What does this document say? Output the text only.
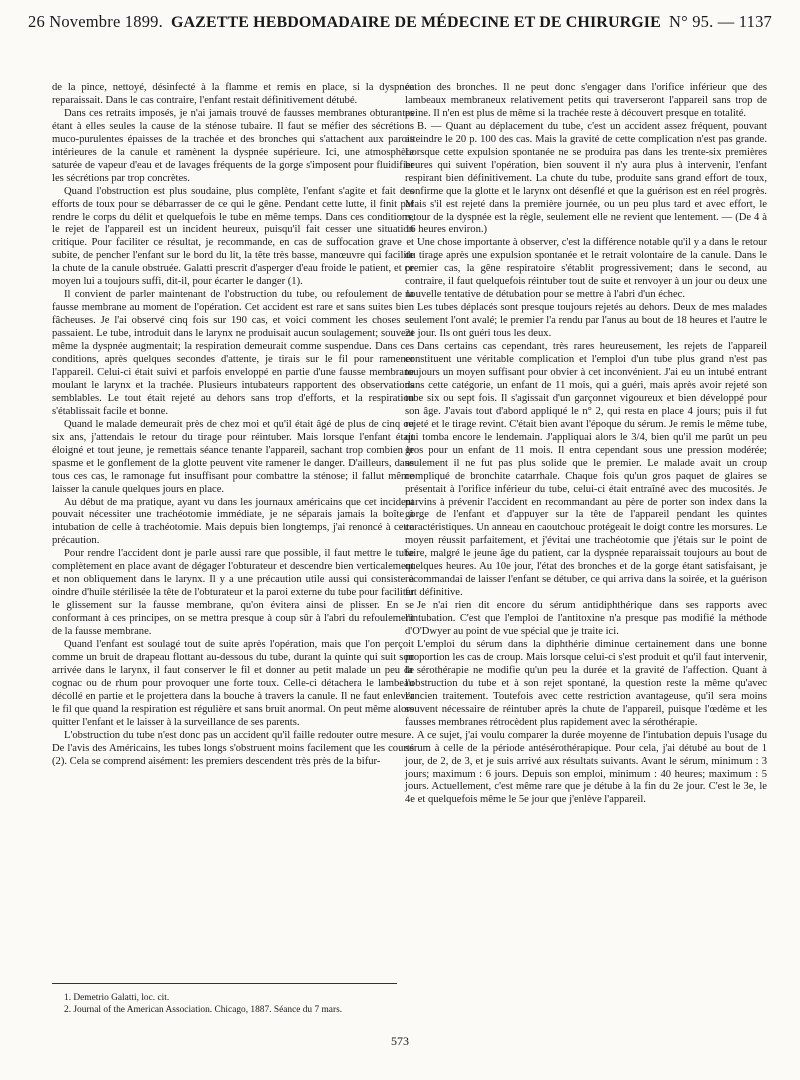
26 Novembre 1899. GAZETTE HEBDOMADAIRE DE MÉDECINE ET DE CHIRURGIE N° 95. — 1137

de la pince, nettoyé, désinfecté à la flamme et remis en place, si la dyspnée reparaissait. Dans le cas contraire, l'enfant restait définitivement détubé.

Dans ces retraits imposés, je n'ai jamais trouvé de fausses membranes obturantes étant à elles seules la cause de la sténose tubaire. Il faut se méfier des sécrétions muco-purulentes épaisses de la trachée et des bronches qui s'attachent aux parois intérieures de la canule et ramènent la dyspnée supérieure. Ici, une atmosphère saturée de vapeur d'eau et de lavages fréquents de la gorge s'imposent pour fluidifier les sécrétions par trop concrètes.

Quand l'obstruction est plus soudaine, plus complète, l'enfant s'agite et fait des efforts de toux pour se débarrasser de ce qui le gêne. Pendant cette lutte, il finit par rendre le corps du délit et quelquefois le tube en même temps. Dans ces conditions, le rejet de l'appareil est un incident heureux, puisqu'il fait cesser une situation critique. Pour faciliter ce résultat, je recommande, en cas de suffocation grave et subite, de pencher l'enfant sur le bord du lit, la tête très basse, manœuvre qui facilite la chute de la canule obstruée. Galatti prescrit d'asperger d'eau froide le patient, et ce moyen lui a toujours suffi, dit-il, pour écarter le danger (1).

Il convient de parler maintenant de l'obstruction du tube, ou refoulement de la fausse membrane au moment de l'opération. Cet accident est rare et sans suites bien fâcheuses. Je l'ai observé cinq fois sur 190 cas, et voici comment les choses se passaient. Le tube, introduit dans le larynx ne produisait aucun soulagement; souvent même la dyspnée augmentait; la respiration demeurait comme suspendue. Dans ces conditions, après quelques secondes d'attente, je tirais sur le fil pour ramener l'appareil. Celui-ci était suivi et parfois enveloppé en partie d'une fausse membrane moulant le larynx et la trachée. Plusieurs intubateurs rapportent des observations semblables. Le tout était rejeté au dehors sans trop d'efforts, et la respiration s'établissait facile et bonne.

Quand le malade demeurait près de chez moi et qu'il était âgé de plus de cinq ou six ans, j'attendais le retour du tirage pour réintuber. Mais lorsque l'enfant était éloigné et tout jeune, je remettais séance tenante l'appareil, sachant trop combien le spasme et le gonflement de la glotte peuvent vite ramener le danger. D'ailleurs, dans tous ces cas, le ramonage fut insuffisant pour combattre la sténose; il fallut même laisser la canule quelques jours en place.

Au début de ma pratique, ayant vu dans les journaux américains que cet incident pouvait nécessiter une trachéotomie immédiate, je ne séparais jamais la boîte à intubation de celle à trachéotomie. Mais depuis bien longtemps, j'ai renoncé à cette précaution.

Pour rendre l'accident dont je parle aussi rare que possible, il faut mettre le tube complètement en place avant de dégager l'obturateur et descendre bien verticalement et non obliquement dans le larynx. Il y a une précaution utile aussi qui consiste à oindre d'huile stérilisée la tête de l'obturateur et la paroi externe du tube pour faciliter le glissement sur la fausse membrane, qu'on évitera ainsi de plisser. En se conformant à ces principes, on se mettra presque à coup sûr à l'abri du refoulement de la fausse membrane.

Quand l'enfant est soulagé tout de suite après l'opération, mais que l'on perçoit comme un bruit de drapeau flottant au-dessous du tube, durant la quinte qui suit son arrivée dans le larynx, il faut conserver le fil et donner au petit malade un peu de cognac ou de rhum pour provoquer une forte toux. Celle-ci détachera le lambeau décollé en partie et le projettera dans la bouche à travers la canule. Il ne faut enlever le fil que quand la respiration est régulière et sans bruit anormal. On peut même alors quitter l'enfant et le laisser à la surveillance de ses parents.

L'obstruction du tube n'est donc pas un accident qu'il faille redouter outre mesure. De l'avis des Américains, les tubes longs s'obstruent moins facilement que les courts (2). Cela se comprend aisément: les premiers descendent très près de la bifur-

cation des bronches. Il ne peut donc s'engager dans l'orifice inférieur que des lambeaux membraneux relativement petits qui traverseront l'appareil sans trop de peine. Il n'en est plus de même si la trachée reste à découvert presque en totalité.

B. — Quant au déplacement du tube, c'est un accident assez fréquent, pouvant atteindre le 20 p. 100 des cas. Mais la gravité de cette complication n'est pas grande. Lorsque cette expulsion spontanée ne se produira pas dans les trente-six premières heures qui suivent l'opération, bien souvent il n'y aura plus à intervenir, l'enfant respirant bien définitivement. La chute du tube, produite sans grand effort de toux, confirme que la glotte et le larynx ont désenflé et que la guérison est en réel progrès. Mais s'il est rejeté dans la première journée, ou un peu plus tard et avec effort, le retour de la dyspnée est la règle, seulement elle ne revient que lentement. — (De 4 à 16 heures environ.)

Une chose importante à observer, c'est la différence notable qu'il y a dans le retour du tirage après une expulsion spontanée et le retrait volontaire de la canule. Dans le premier cas, la gêne respiratoire s'établit progressivement; dans le second, au contraire, il faut quelquefois réintuber tout de suite et renvoyer à un jour ou deux une nouvelle tentative de détubation pour se mettre à l'abri d'un échec.

Les tubes déplacés sont presque toujours rejetés au dehors. Deux de mes malades seulement l'ont avalé; le premier l'a rendu par l'anus au bout de 18 heures et l'autre le 2e jour. Ils ont guéri tous les deux.

Dans certains cas cependant, très rares heureusement, les rejets de l'appareil constituent une véritable complication et l'emploi d'un tube plus grand n'est pas toujours un moyen suffisant pour obvier à cet inconvénient. J'ai eu un intubé entrant dans cette catégorie, un enfant de 11 mois, qui a guéri, mais après avoir rejeté son tube six ou sept fois. Il s'agissait d'un garçonnet vigoureux et bien développé pour son âge. J'avais tout d'abord appliqué le n° 2, qui resta en place 4 jours; puis il fut rejeté et le tirage revint. C'était bien avant l'époque du sérum. Je remis le même tube, qui tomba encore le lendemain. J'appliquai alors le 3/4, bien qu'il me parût un peu gros pour un enfant de 11 mois. Il entra cependant sous une pression modérée; seulement il ne fut pas plus solide que le premier. Le malade avait un croup compliqué de bronchite catarrhale. Chaque fois qu'un gros paquet de glaires se présentait à l'orifice inférieur du tube, celui-ci était entraîné avec des mucosités. Je parvins à prévenir l'accident en recommandant au père de porter son index dans la gorge de l'enfant et d'appuyer sur la tête de l'appareil pendant les quintes caractéristiques. Un anneau en caoutchouc protégeait le doigt contre les morsures. Le moyen réussit parfaitement, et j'évitai une trachéotomie que j'étais sur le point de faire, malgré le jeune âge du patient, car la dyspnée reparaissait toujours au bout de quelques heures. Au 10e jour, l'état des bronches et de la gorge étant satisfaisant, je recommandai de laisser l'enfant se détuber, ce qui arriva dans la soirée, et la guérison fut définitive.

Je n'ai rien dit encore du sérum antidiphthérique dans ses rapports avec l'intubation. C'est que l'emploi de l'antitoxine n'a presque pas modifié la méthode d'O'Dwyer au point de vue spécial que je traite ici.

L'emploi du sérum dans la diphthérie diminue certainement dans une bonne proportion les cas de croup. Mais lorsque celui-ci s'est produit et qu'il faut intervenir, la sérothérapie ne modifie qu'un peu la durée et la gravité de l'affection. Quant à l'obstruction du tube et à son rejet spontané, la question reste la même qu'avec l'ancien traitement. Toutefois avec cette restriction avantageuse, qu'il sera moins souvent nécessaire de réintuber après la chute de l'appareil, puisque l'œdème et les fausses membranes rétrocèdent plus rapidement avec la sérothérapie.

A ce sujet, j'ai voulu comparer la durée moyenne de l'intubation depuis l'usage du sérum à celle de la période antésérothérapique. Pour cela, j'ai détubé au bout de 1 jour, de 2, de 3, et je suis arrivé aux résultats suivants. Avant le sérum, minimum : 3 jours; maximum : 6 jours. Depuis son emploi, minimum : 40 heures; maximum : 5 jours. Actuellement, c'est même rare que je détube à la fin du 2e jour. C'est le 3e, le 4e et quelquefois même le 5e jour que j'enlève l'appareil.

1. Demetrio Galatti, loc. cit.

2. Journal of the American Association. Chicago, 1887. Séance du 7 mars.

573
